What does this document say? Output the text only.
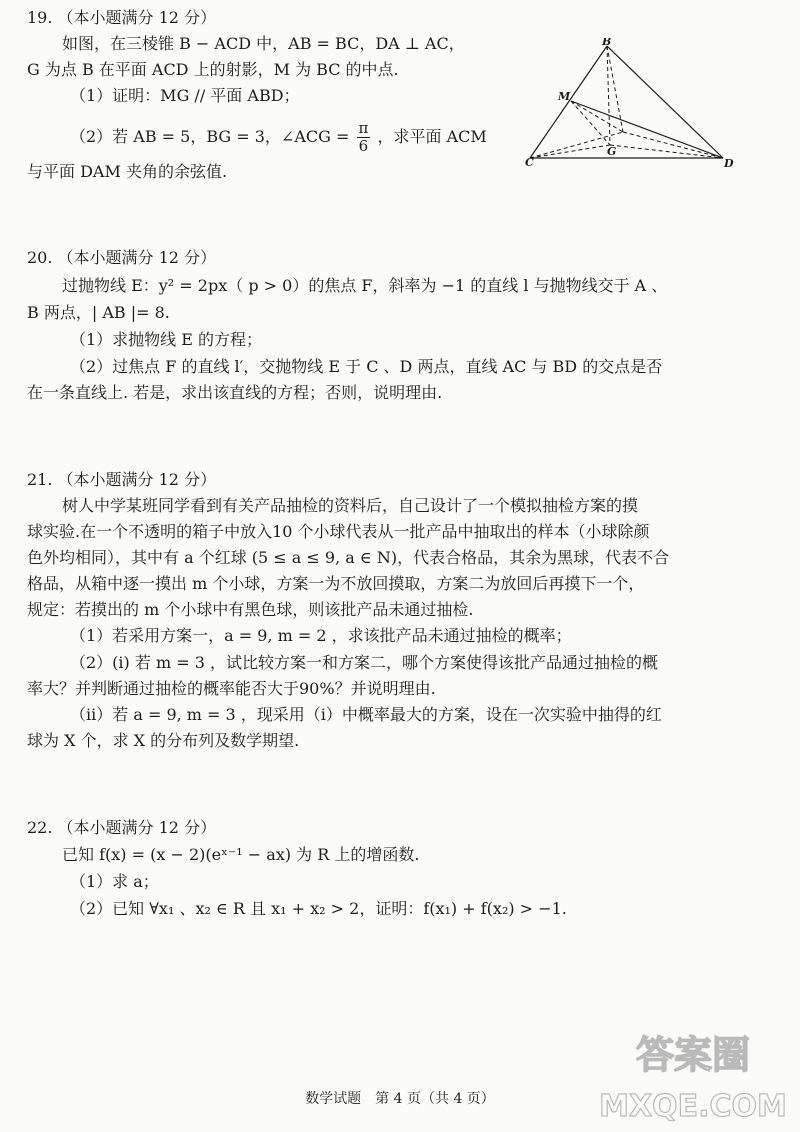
19. （本小题满分 12 分）
如图，在三棱锥 B − ACD 中，AB = BC，DA ⊥ AC，
G 为点 B 在平面 ACD 上的射影，M 为 BC 的中点.
（1）证明：MG // 平面 ABD；
（2）若 AB = 5，BG = 3，∠ACG = $\frac{\pi}{6}$ ，求平面 ACM
与平面 DAM 夹角的余弦值.
B
M
C
G
D
20. （本小题满分 12 分）
过抛物线 E：y² = 2px（ p > 0）的焦点 F，斜率为 −1 的直线 l 与抛物线交于 A 、
B 两点，| AB |= 8.
（1）求抛物线 E 的方程；
（2）过焦点 F 的直线 l′，交抛物线 E 于 C 、D 两点，直线 AC 与 BD 的交点是否
在一条直线上. 若是，求出该直线的方程；否则，说明理由.
21. （本小题满分 12 分）
树人中学某班同学看到有关产品抽检的资料后，自己设计了一个模拟抽检方案的摸
球实验.在一个不透明的箱子中放入10 个小球代表从一批产品中抽取出的样本（小球除颜
色外均相同），其中有 a 个红球 (5 ≤ a ≤ 9, a ∈ N)，代表合格品，其余为黑球，代表不合
格品，从箱中逐一摸出 m 个小球，方案一为不放回摸取，方案二为放回后再摸下一个，
规定：若摸出的 m 个小球中有黑色球，则该批产品未通过抽检.
（1）若采用方案一，a = 9, m = 2 ，求该批产品未通过抽检的概率；
（2）(i) 若 m = 3 ，试比较方案一和方案二，哪个方案使得该批产品通过抽检的概
率大？并判断通过抽检的概率能否大于90%？并说明理由.
（ii）若 a = 9, m = 3 ，现采用（i）中概率最大的方案，设在一次实验中抽得的红
球为 X 个，求 X 的分布列及数学期望.
22. （本小题满分 12 分）
已知 f(x) = (x − 2)(eˣ⁻¹ − ax) 为 R 上的增函数.
（1）求 a；
（2）已知 ∀x₁ 、x₂ ∈ R 且 x₁ + x₂ > 2，证明：f(x₁) + f(x₂) > −1.
数学试题　第 4 页（共 4 页）
答案圈
MXQE.COM
